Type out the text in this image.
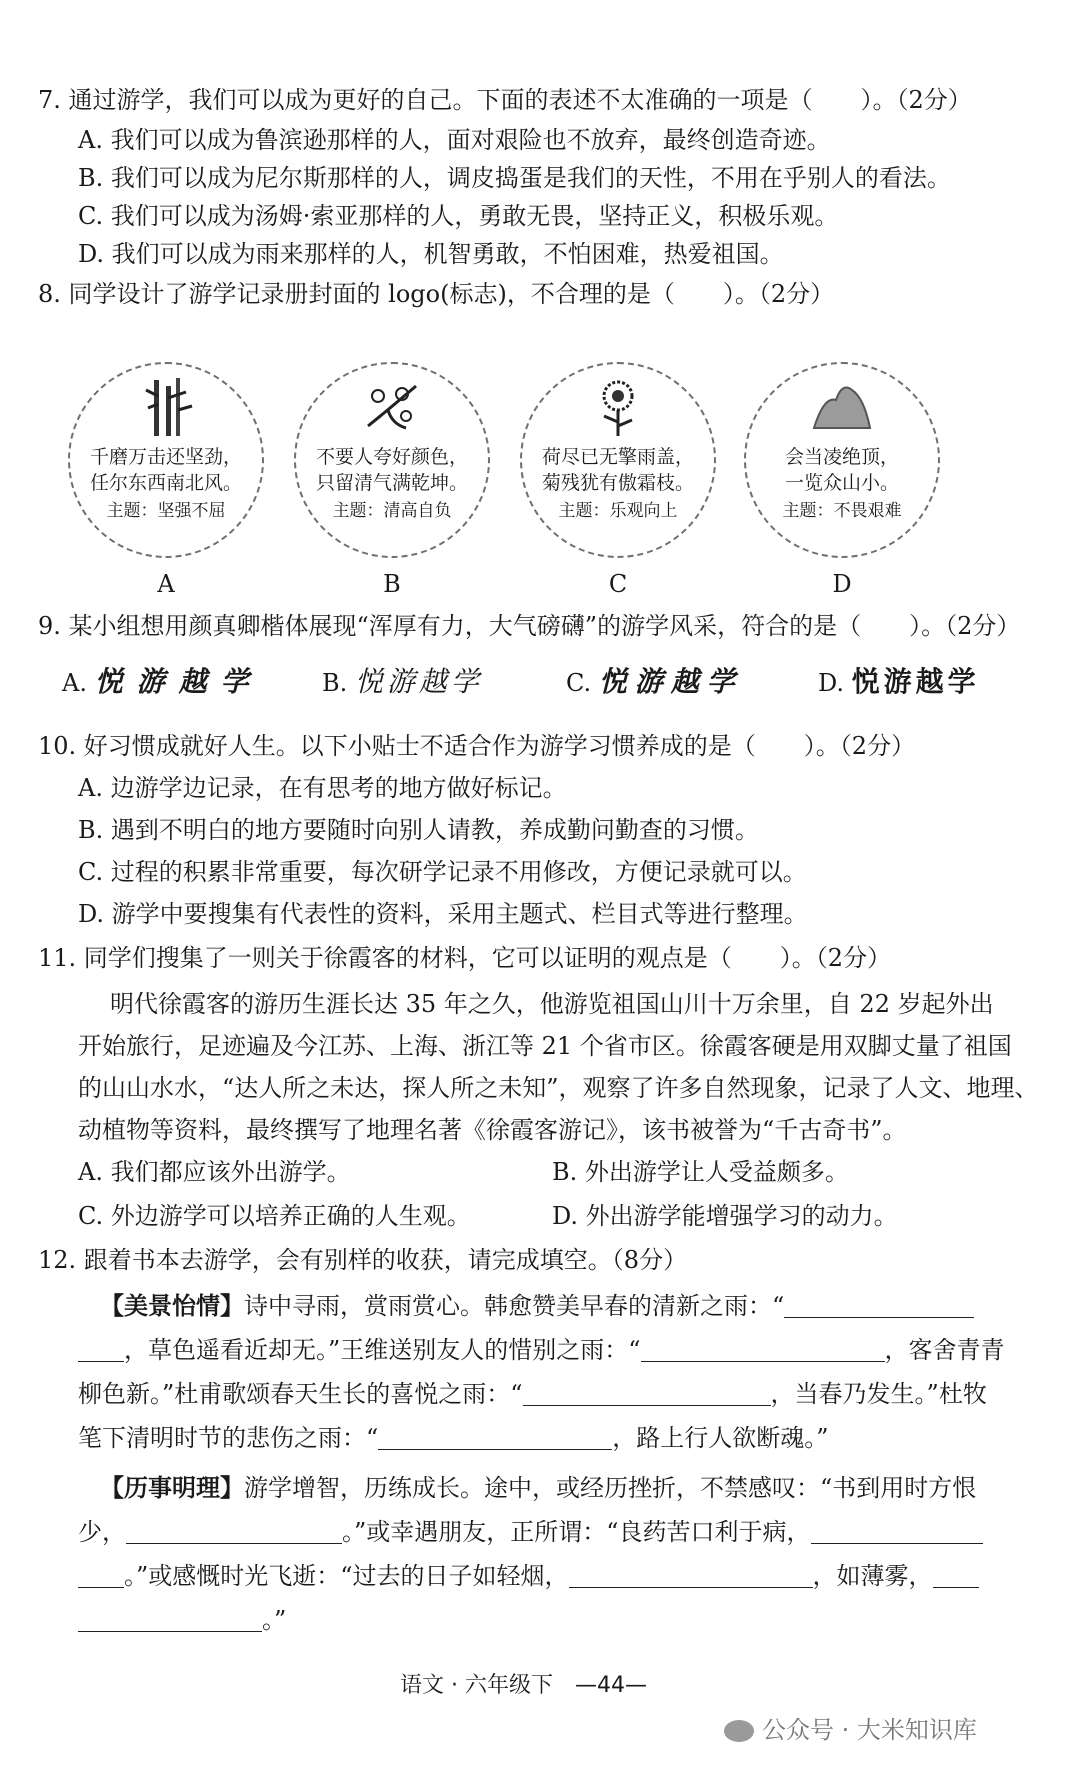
7. 通过游学，我们可以成为更好的自己。下面的表述不太准确的一项是（　　）。（2分）
A. 我们可以成为鲁滨逊那样的人，面对艰险也不放弃，最终创造奇迹。
B. 我们可以成为尼尔斯那样的人，调皮捣蛋是我们的天性，不用在乎别人的看法。
C. 我们可以成为汤姆·索亚那样的人，勇敢无畏，坚持正义，积极乐观。
D. 我们可以成为雨来那样的人，机智勇敢，不怕困难，热爱祖国。
8. 同学设计了游学记录册封面的 logo(标志)，不合理的是（　　）。（2分）
千磨万击还坚劲，
任尔东西南北风。
主题：坚强不屈
不要人夸好颜色，
只留清气满乾坤。
主题：清高自负
荷尽已无擎雨盖，
菊残犹有傲霜枝。
主题：乐观向上
会当凌绝顶，
一览众山小。
主题：不畏艰难
A	B	C	D
9. 某小组想用颜真卿楷体展现“浑厚有力，大气磅礴”的游学风采，符合的是（　　）。（2分）
A. 悦游越学 B. 悦游越学	C. 悦游越学	D. 悦游越学
10. 好习惯成就好人生。以下小贴士不适合作为游学习惯养成的是（　　）。（2分）
A. 边游学边记录，在有思考的地方做好标记。
B. 遇到不明白的地方要随时向别人请教，养成勤问勤查的习惯。
C. 过程的积累非常重要，每次研学记录不用修改，方便记录就可以。
D. 游学中要搜集有代表性的资料，采用主题式、栏目式等进行整理。
11. 同学们搜集了一则关于徐霞客的材料，它可以证明的观点是（　　）。（2分）
明代徐霞客的游历生涯长达 35 年之久，他游览祖国山川十万余里，自 22 岁起外出
开始旅行，足迹遍及今江苏、上海、浙江等 21 个省市区。徐霞客硬是用双脚丈量了祖国
的山山水水，“达人所之未达，探人所之未知”，观察了许多自然现象，记录了人文、地理、
动植物等资料，最终撰写了地理名著《徐霞客游记》，该书被誉为“千古奇书”。
A. 我们都应该外出游学。	B. 外出游学让人受益颇多。
C. 外边游学可以培养正确的人生观。	D. 外出游学能增强学习的动力。
12. 跟着书本去游学，会有别样的收获，请完成填空。（8分）
【美景怡情】诗中寻雨，赏雨赏心。韩愈赞美早春的清新之雨：“
，草色遥看近却无。”王维送别友人的惜别之雨：“	，客舍青青
柳色新。”杜甫歌颂春天生长的喜悦之雨：“	，当春乃发生。”杜牧
笔下清明时节的悲伤之雨：“	，路上行人欲断魂。”
【历事明理】游学增智，历练成长。途中，或经历挫折，不禁感叹：“书到用时方恨
少，	。”或幸遇朋友，正所谓：“良药苦口利于病，
。”或感慨时光飞逝：“过去的日子如轻烟，	，如薄雾，
。”
语文 · 六年级下　—44—
公众号 · 大米知识库
